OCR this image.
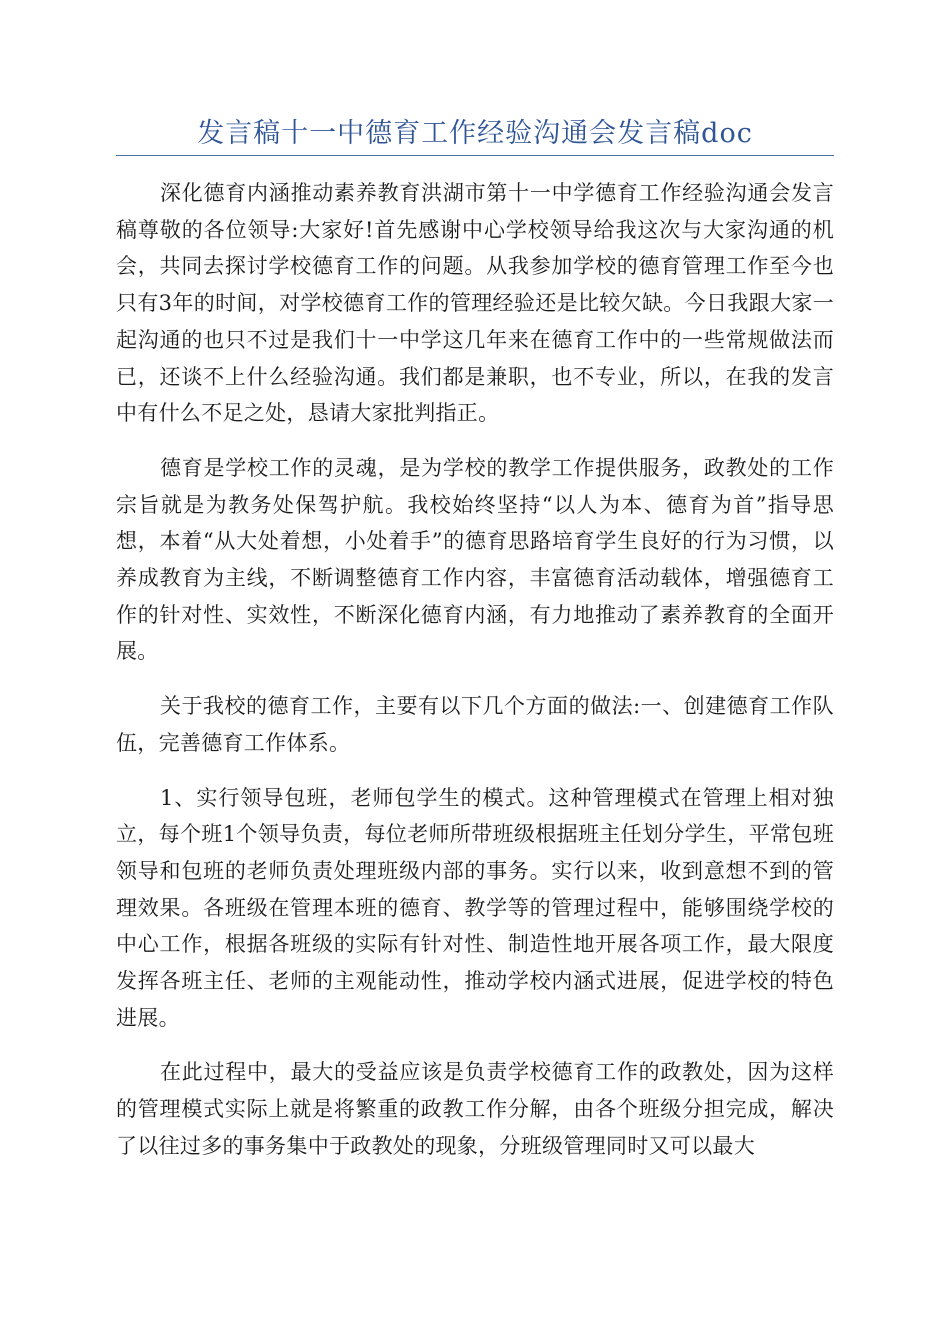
发言稿十一中德育工作经验沟通会发言稿doc

深化德育内涵推动素养教育洪湖市第十一中学德育工作经验沟通会发言稿尊敬的各位领导:大家好!首先感谢中心学校领导给我这次与大家沟通的机会，共同去探讨学校德育工作的问题。从我参加学校的德育管理工作至今也只有3年的时间，对学校德育工作的管理经验还是比较欠缺。今日我跟大家一起沟通的也只不过是我们十一中学这几年来在德育工作中的一些常规做法而已，还谈不上什么经验沟通。我们都是兼职，也不专业，所以，在我的发言中有什么不足之处，恳请大家批判指正。

德育是学校工作的灵魂，是为学校的教学工作提供服务，政教处的工作宗旨就是为教务处保驾护航。我校始终坚持“以人为本、德育为首”指导思想，本着“从大处着想，小处着手”的德育思路培育学生良好的行为习惯，以养成教育为主线，不断调整德育工作内容，丰富德育活动载体，增强德育工作的针对性、实效性，不断深化德育内涵，有力地推动了素养教育的全面开展。

关于我校的德育工作，主要有以下几个方面的做法:一、创建德育工作队伍，完善德育工作体系。

1、实行领导包班，老师包学生的模式。这种管理模式在管理上相对独立，每个班1个领导负责，每位老师所带班级根据班主任划分学生，平常包班领导和包班的老师负责处理班级内部的事务。实行以来，收到意想不到的管理效果。各班级在管理本班的德育、教学等的管理过程中，能够围绕学校的中心工作，根据各班级的实际有针对性、制造性地开展各项工作，最大限度发挥各班主任、老师的主观能动性，推动学校内涵式进展，促进学校的特色进展。

在此过程中，最大的受益应该是负责学校德育工作的政教处，因为这样的管理模式实际上就是将繁重的政教工作分解，由各个班级分担完成，解决了以往过多的事务集中于政教处的现象，分班级管理同时又可以最大
